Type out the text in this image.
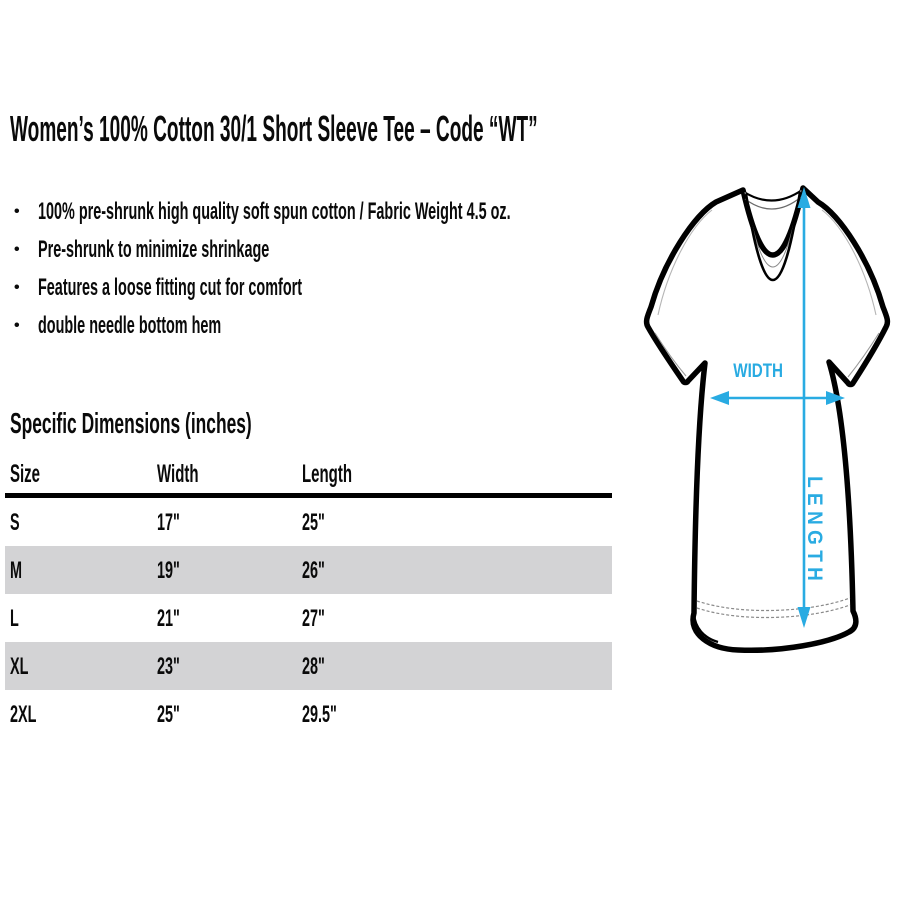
Women’s 100% Cotton 30/1 Short Sleeve Tee – Code “WT”
• 100% pre-shrunk high quality soft spun cotton / Fabric Weight 4.5 oz.
• Pre-shrunk to minimize shrinkage
• Features a loose fitting cut for comfort
• double needle bottom hem
Specific Dimensions (inches)
Size	Width	Length
S	17"	25"
M	19"	26"
L	21"	27"
XL	23"	28"
2XL	25"	29.5"
WIDTH
LENGTH
